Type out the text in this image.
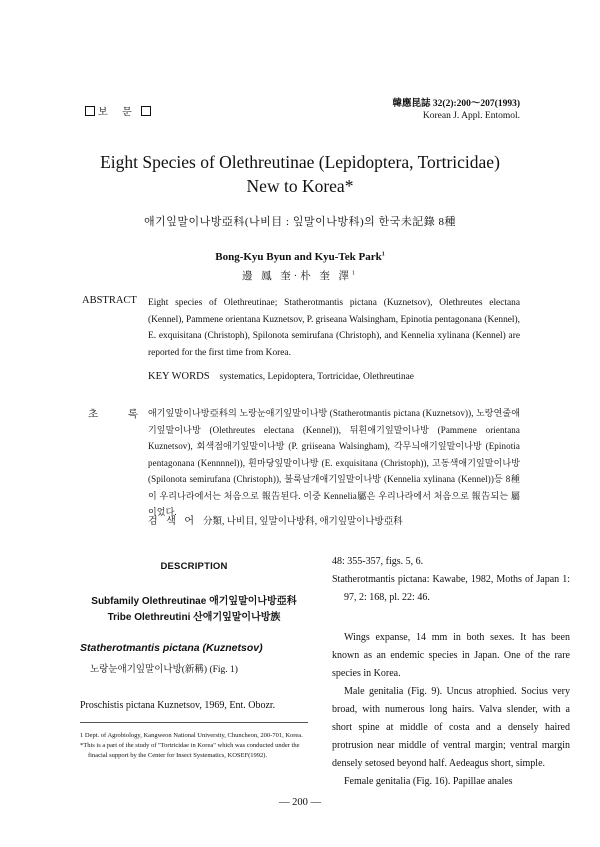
보 문
韓應昆誌 32(2):200～207(1993)
Korean J. Appl. Entomol.
Eight Species of Olethreutinae (Lepidoptera, Tortricidae)
New to Korea*
애기잎말이나방亞科(나비目 : 잎말이나방科)의 한국未記錄 8種
Bong-Kyu Byun and Kyu-Tek Park$^1$
邊 鳳 奎·朴 奎 澤$^1$
ABSTRACT Eight species of Olethreutinae; Statherotmantis pictana (Kuznetsov), Olethreutes electana (Kennel), Pammene orientana Kuznetsov, P. griseana Walsingham, Epinotia pentagonana (Kennel), E. exquisitana (Christoph), Spilonota semirufana (Christoph), and Kennelia xylinana (Kennel) are reported for the first time from Korea.
KEY WORDS systematics, Lepidoptera, Tortricidae, Olethreutinae
초	록 애기잎말이나방亞科의 노랑눈애기잎말이나방 (Statherotmantis pictana (Kuznetsov)), 노랑연줄애기잎말이나방 (Olethreutes electana (Kennel)), 뒤흰애기잎말이나방 (Pammene orientana Kuznetsov), 회색점애기잎말이나방 (P. griiseana Walsingham), 각무늬애기잎말이나방 (Epinotia pentagonana (Kennnnel)), 흰마당잎말이나방 (E. exquisitana (Christoph)), 고동색애기잎말이나방 (Spilonota semirufana (Christoph)), 불룩날개애기잎말이나방 (Kennelia xylinana (Kennel))등 8種이 우리나라에서는 처음으로 報告된다. 이중 Kennelia屬은 우리나라에서 처음으로 報告되는 屬이었다.
검 색 어 分類, 나비目, 잎말이나방科, 애기잎말이나방亞科
DESCRIPTION
Subfamily Olethreutinae 애기잎말이나방亞科
Tribe Olethreutini 산애기잎말이나방族
Statherotmantis pictana (Kuznetsov)
노랑눈애기잎말이나방(新稱) (Fig. 1)
Proschistis pictana Kuznetsov, 1969, Ent. Obozr.
1 Dept. of Agrobiology, Kangweon National University, Chuncheon, 200-701, Korea.
*This is a part of the study of "Tortricidae in Korea" which was conducted under the finacial support by the Center for Insect Systematics, KOSEF(1992).

48: 355-357, figs. 5, 6.

Statherotmantis pictana: Kawabe, 1982, Moths of Japan 1: 97, 2: 168, pl. 22: 46.

Wings expanse, 14 mm in both sexes. It has been known as an endemic species in Japan. One of the rare species in Korea.

Male genitalia (Fig. 9). Uncus atrophied. Socius very broad, with numerous long hairs. Valva slender, with a short spine at middle of costa and a densely haired protrusion near middle of ventral margin; ventral margin densely setosed beyond half. Aedeagus short, simple.

Female genitalia (Fig. 16). Papillae anales

— 200 —
